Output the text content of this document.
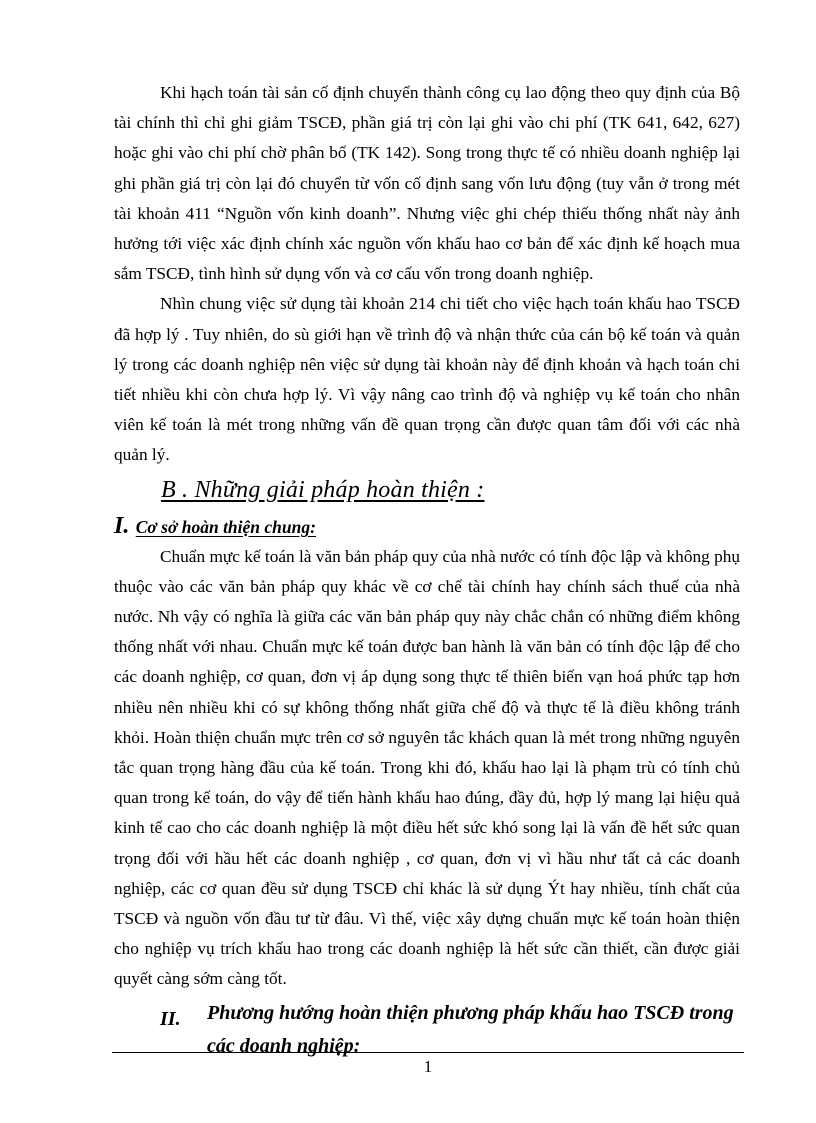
Khi hạch toán tài sản cố định chuyển thành công cụ lao động theo quy định của Bộ tài chính thì chỉ ghi giảm TSCĐ, phần giá trị còn lại ghi vào chi phí (TK 641, 642, 627) hoặc ghi vào chi phí chờ phân bổ (TK 142). Song trong thực tế có nhiều doanh nghiệp lại ghi phần giá trị còn lại đó chuyển từ vốn cố định sang vốn lưu động (tuy vẫn ở trong mét tài khoản 411 “Nguồn vốn kinh doanh”. Nhưng việc ghi chép thiếu thống nhất này ảnh hưởng tới việc xác định chính xác nguồn vốn khấu hao cơ bản để xác định kế hoạch mua sắm TSCĐ, tình hình sử dụng vốn và cơ cấu vốn trong doanh nghiệp.

Nhìn chung việc sử dụng tài khoản 214 chi tiết cho việc hạch toán khấu hao TSCĐ đã hợp lý . Tuy nhiên, do sù giới hạn về trình độ và nhận thức của cán bộ kế toán và quản lý trong các doanh nghiệp nên việc sử dụng tài khoản này để định khoản và hạch toán chi tiết nhiều khi còn chưa hợp lý. Vì vậy nâng cao trình độ và nghiệp vụ kế toán cho nhân viên kế toán là mét trong những vấn đề quan trọng cần được quan tâm đối với các nhà quản lý.

B . Những giải pháp hoàn thiện :
I. Cơ sở hoàn thiện chung:

Chuẩn mực kế toán là văn bản pháp quy của nhà nước có tính độc lập và không phụ thuộc vào các văn bản pháp quy khác về cơ chế tài chính hay chính sách thuế của nhà nước. Nh vậy có nghĩa là giữa các văn bản pháp quy này chắc chắn có những điểm không thống nhất với nhau. Chuẩn mực kế toán được ban hành là văn bản có tính độc lập để cho các doanh nghiệp, cơ quan, đơn vị áp dụng song thực tế thiên biến vạn hoá phức tạp hơn nhiều nên nhiều khi có sự không thống nhất giữa chế độ và thực tế là điều không tránh khỏi. Hoàn thiện chuẩn mực trên cơ sở nguyên tắc khách quan là mét trong những nguyên tắc quan trọng hàng đầu của kế toán. Trong khi đó, khấu hao lại là phạm trù có tính chủ quan trong kế toán, do vậy để tiến hành khấu hao đúng, đầy đủ, hợp lý mang lại hiệu quả kinh tế cao cho các doanh nghiệp là một điều hết sức khó song lại là vấn đề hết sức quan trọng đối với hầu hết các doanh nghiệp , cơ quan, đơn vị vì hầu như tất cả các doanh nghiệp, các cơ quan đều sử dụng TSCĐ chỉ khác là sử dụng Ýt hay nhiều, tính chất của TSCĐ và nguồn vốn đầu tư từ đâu. Vì thế, việc xây dựng chuẩn mực kế toán hoàn thiện cho nghiệp vụ trích khấu hao trong các doanh nghiệp là hết sức cần thiết, cần được giải quyết càng sớm càng tốt.

II.	Phương hướng hoàn thiện phương pháp khấu hao TSCĐ trong các doanh nghiệp:
1
